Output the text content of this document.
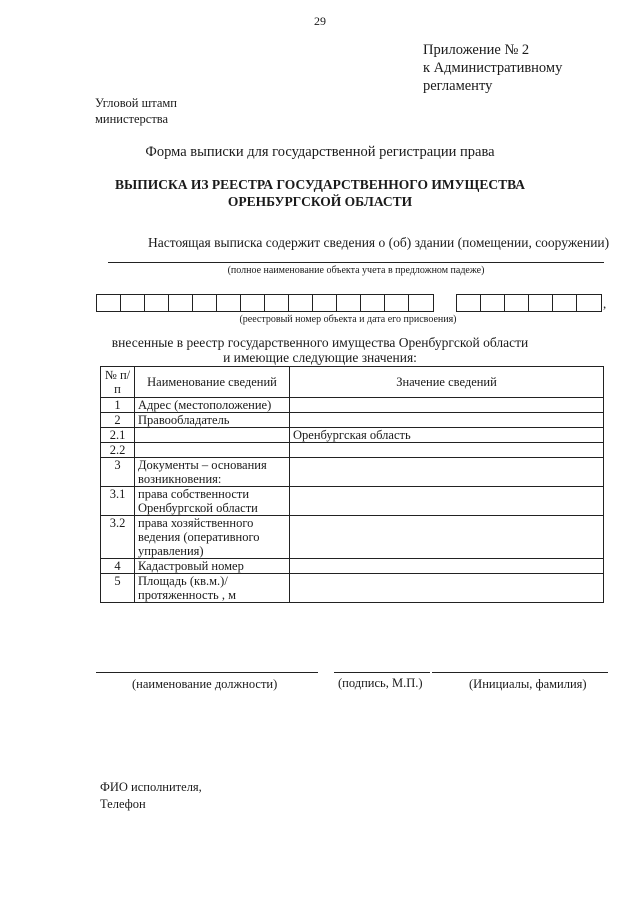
29
Приложение № 2
к Административному
регламенту
Угловой штамп
министерства
Форма выписки для государственной регистрации права
ВЫПИСКА ИЗ РЕЕСТРА ГОСУДАРСТВЕННОГО ИМУЩЕСТВА
ОРЕНБУРГСКОЙ ОБЛАСТИ
Настоящая выписка содержит сведения о (об) здании (помещении, сооружении)
(полное наименование объекта учета в предложном падеже)
,
(реестровый номер объекта и дата его присвоения)
внесенные в реестр государственного имущества Оренбургской области
и имеющие следующие значения:
№ п/п	Наименование сведений	Значение сведений
1	Адрес (местоположение)	
2	Правообладатель	
2.1		Оренбургская область
2.2		
3	Документы – основания возникновения:	
3.1	права собственности Оренбургской области	
3.2	права хозяйственного ведения (оперативного управления)	
4	Кадастровый номер	
5	Площадь (кв.м.)/ протяженность , м	
(наименование должности)	(подпись, М.П.)	(Инициалы, фамилия)
ФИО исполнителя,
Телефон
